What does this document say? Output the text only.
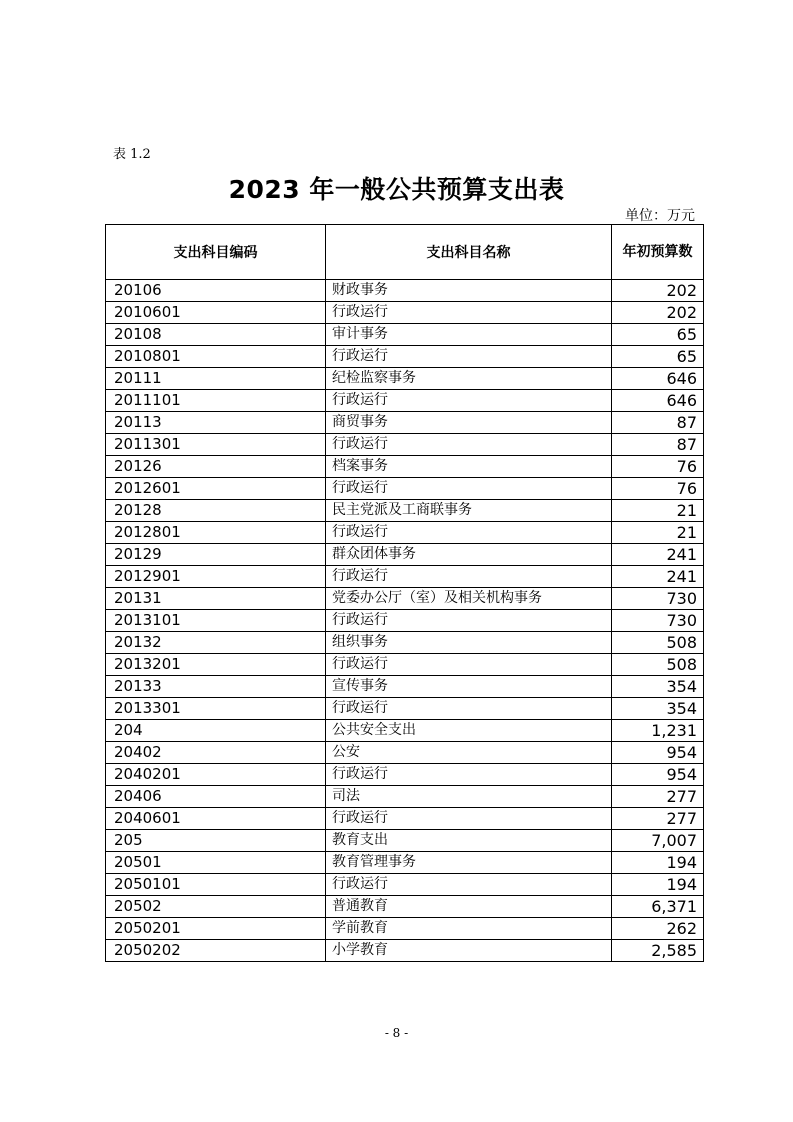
表 1.2
2023 年一般公共预算支出表
单位：万元
支出科目编码	支出科目名称	年初预算数
20106	财政事务	202
2010601	行政运行	202
20108	审计事务	65
2010801	行政运行	65
20111	纪检监察事务	646
2011101	行政运行	646
20113	商贸事务	87
2011301	行政运行	87
20126	档案事务	76
2012601	行政运行	76
20128	民主党派及工商联事务	21
2012801	行政运行	21
20129	群众团体事务	241
2012901	行政运行	241
20131	党委办公厅（室）及相关机构事务	730
2013101	行政运行	730
20132	组织事务	508
2013201	行政运行	508
20133	宣传事务	354
2013301	行政运行	354
204	公共安全支出	1,231
20402	公安	954
2040201	行政运行	954
20406	司法	277
2040601	行政运行	277
205	教育支出	7,007
20501	教育管理事务	194
2050101	行政运行	194
20502	普通教育	6,371
2050201	学前教育	262
2050202	小学教育	2,585
- 8 -
